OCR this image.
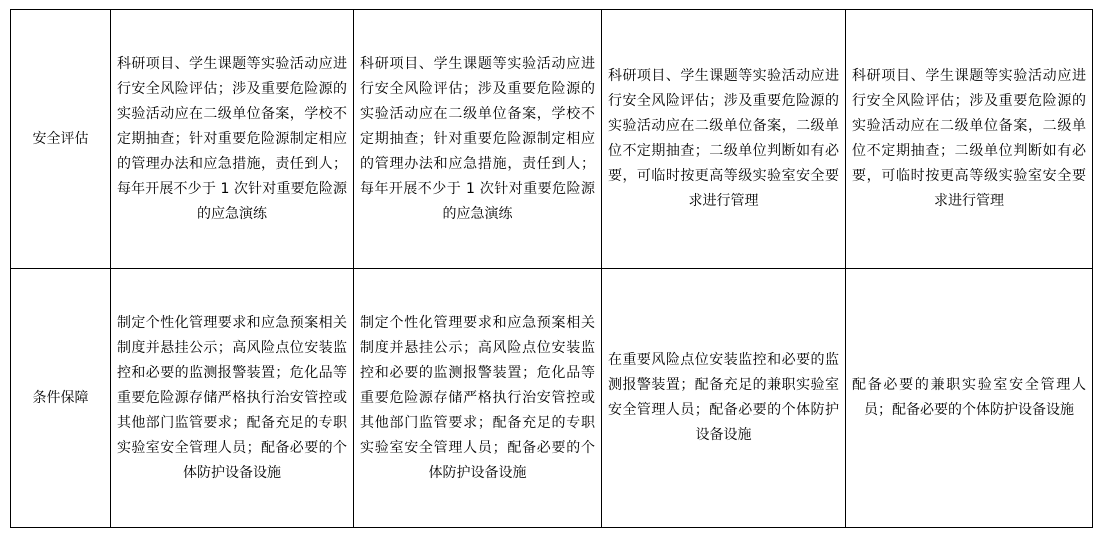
安全评估	科研项目、学生课题等实验活动应进行安全风险评估；涉及重要危险源的实验活动应在二级单位备案，学校不定期抽查；针对重要危险源制定相应的管理办法和应急措施，责任到人；每年开展不少于 1 次针对重要危险源的应急演练	科研项目、学生课题等实验活动应进行安全风险评估；涉及重要危险源的实验活动应在二级单位备案，学校不定期抽查；针对重要危险源制定相应的管理办法和应急措施，责任到人；每年开展不少于 1 次针对重要危险源的应急演练	科研项目、学生课题等实验活动应进行安全风险评估；涉及重要危险源的实验活动应在二级单位备案，二级单位不定期抽查；二级单位判断如有必要，可临时按更高等级实验室安全要求进行管理	科研项目、学生课题等实验活动应进行安全风险评估；涉及重要危险源的实验活动应在二级单位备案，二级单位不定期抽查；二级单位判断如有必要，可临时按更高等级实验室安全要求进行管理
条件保障	制定个性化管理要求和应急预案相关制度并悬挂公示；高风险点位安装监控和必要的监测报警装置；危化品等重要危险源存储严格执行治安管控或其他部门监管要求；配备充足的专职实验室安全管理人员；配备必要的个体防护设备设施	制定个性化管理要求和应急预案相关制度并悬挂公示；高风险点位安装监控和必要的监测报警装置；危化品等重要危险源存储严格执行治安管控或其他部门监管要求；配备充足的专职实验室安全管理人员；配备必要的个体防护设备设施	在重要风险点位安装监控和必要的监测报警装置；配备充足的兼职实验室安全管理人员；配备必要的个体防护设备设施	配备必要的兼职实验室安全管理人员；配备必要的个体防护设备设施
